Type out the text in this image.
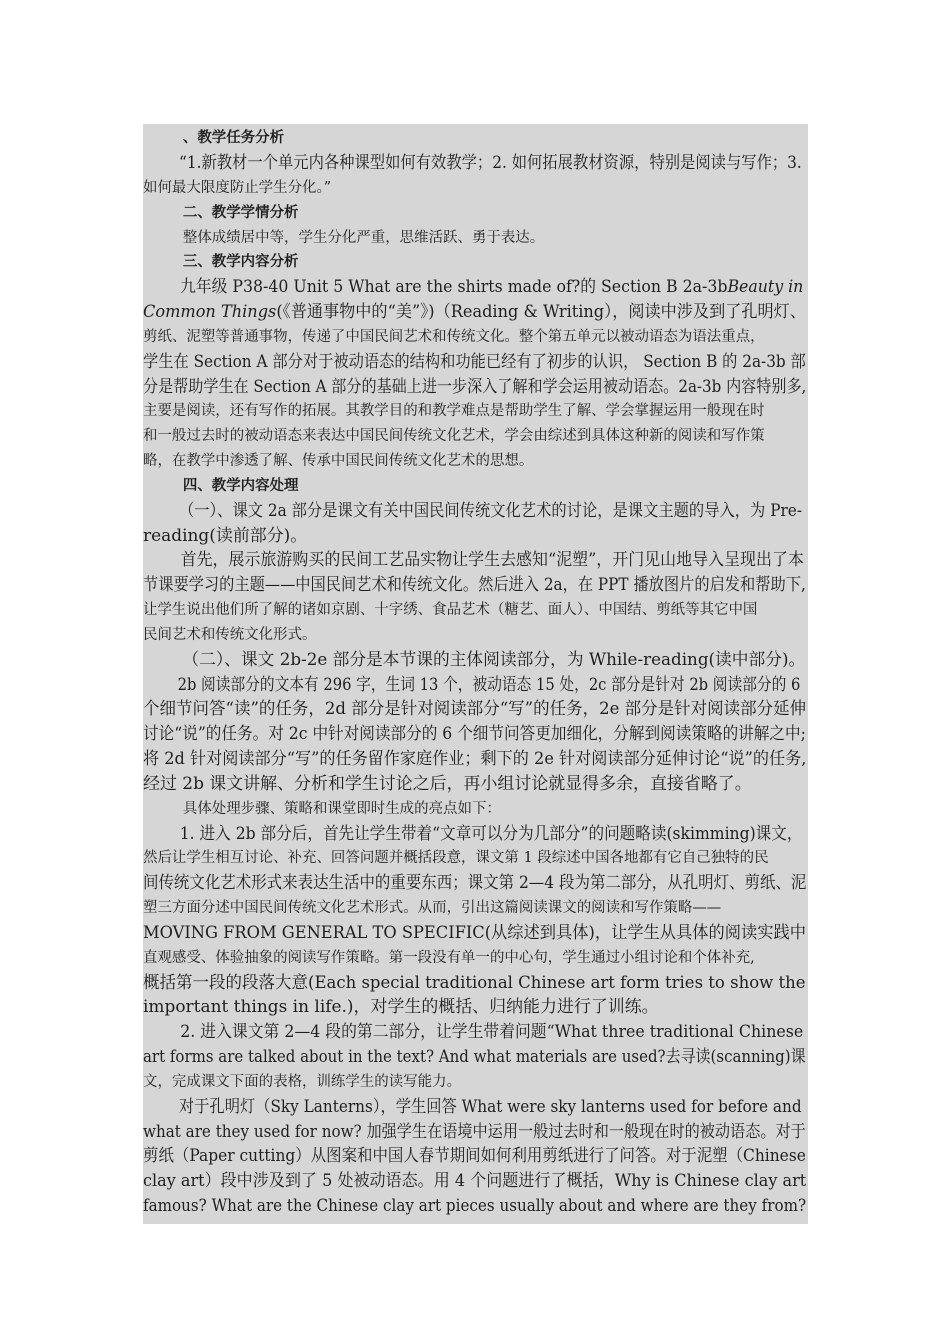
、教学任务分析
“1.新教材一个单元内各种课型如何有效教学；2. 如何拓展教材资源，特别是阅读与写作；3.
如何最大限度防止学生分化。”
二、教学学情分析
整体成绩居中等，学生分化严重，思维活跃、勇于表达。
三、教学内容分析
九年级 P38-40 Unit 5 What are the shirts made of?的 Section B 2a-3bBeauty in
Common Things(《普通事物中的“美”》)（Reading & Writing），阅读中涉及到了孔明灯、
剪纸、泥塑等普通事物，传递了中国民间艺术和传统文化。整个第五单元以被动语态为语法重点，
学生在 Section A 部分对于被动语态的结构和功能已经有了初步的认识， Section B 的 2a-3b 部
分是帮助学生在 Section A 部分的基础上进一步深入了解和学会运用被动语态。2a-3b 内容特别多,
主要是阅读，还有写作的拓展。其教学目的和教学难点是帮助学生了解、学会掌握运用一般现在时
和一般过去时的被动语态来表达中国民间传统文化艺术，学会由综述到具体这种新的阅读和写作策
略，在教学中渗透了解、传承中国民间传统文化艺术的思想。
四、教学内容处理
（一）、课文 2a 部分是课文有关中国民间传统文化艺术的讨论，是课文主题的导入，为 Pre-
reading(读前部分)。
首先，展示旅游购买的民间工艺品实物让学生去感知“泥塑”，开门见山地导入呈现出了本
节课要学习的主题——中国民间艺术和传统文化。然后进入 2a，在 PPT 播放图片的启发和帮助下,
让学生说出他们所了解的诸如京剧、十字绣、食品艺术（糖艺、面人）、中国结、剪纸等其它中国
民间艺术和传统文化形式。
（二）、课文 2b-2e 部分是本节课的主体阅读部分，为 While-reading(读中部分)。
2b 阅读部分的文本有 296 字，生词 13 个，被动语态 15 处，2c 部分是针对 2b 阅读部分的 6
个细节问答“读”的任务，2d 部分是针对阅读部分“写”的任务，2e 部分是针对阅读部分延伸
讨论“说”的任务。对 2c 中针对阅读部分的 6 个细节问答更加细化，分解到阅读策略的讲解之中;
将 2d 针对阅读部分“写”的任务留作家庭作业；剩下的 2e 针对阅读部分延伸讨论“说”的任务,
经过 2b 课文讲解、分析和学生讨论之后，再小组讨论就显得多余，直接省略了。
具体处理步骤、策略和课堂即时生成的亮点如下：
1. 进入 2b 部分后，首先让学生带着“文章可以分为几部分”的问题略读(skimming)课文，
然后让学生相互讨论、补充、回答问题并概括段意，课文第 1 段综述中国各地都有它自己独特的民
间传统文化艺术形式来表达生活中的重要东西；课文第 2—4 段为第二部分，从孔明灯、剪纸、泥
塑三方面分述中国民间传统文化艺术形式。从而，引出这篇阅读课文的阅读和写作策略——
MOVING FROM GENERAL TO SPECIFIC(从综述到具体)，让学生从具体的阅读实践中
直观感受、体验抽象的阅读写作策略。第一段没有单一的中心句，学生通过小组讨论和个体补充,
概括第一段的段落大意(Each special traditional Chinese art form tries to show the
important things in life.)，对学生的概括、归纳能力进行了训练。
2. 进入课文第 2—4 段的第二部分，让学生带着问题“What three traditional Chinese
art forms are talked about in the text? And what materials are used?去寻读(scanning)课
文，完成课文下面的表格，训练学生的读写能力。
对于孔明灯（Sky Lanterns），学生回答 What were sky lanterns used for before and
what are they used for now? 加强学生在语境中运用一般过去时和一般现在时的被动语态。对于
剪纸（Paper cutting）从图案和中国人春节期间如何利用剪纸进行了问答。对于泥塑（Chinese
clay art）段中涉及到了 5 处被动语态。用 4 个问题进行了概括，Why is Chinese clay art
famous? What are the Chinese clay art pieces usually about and where are they from?
